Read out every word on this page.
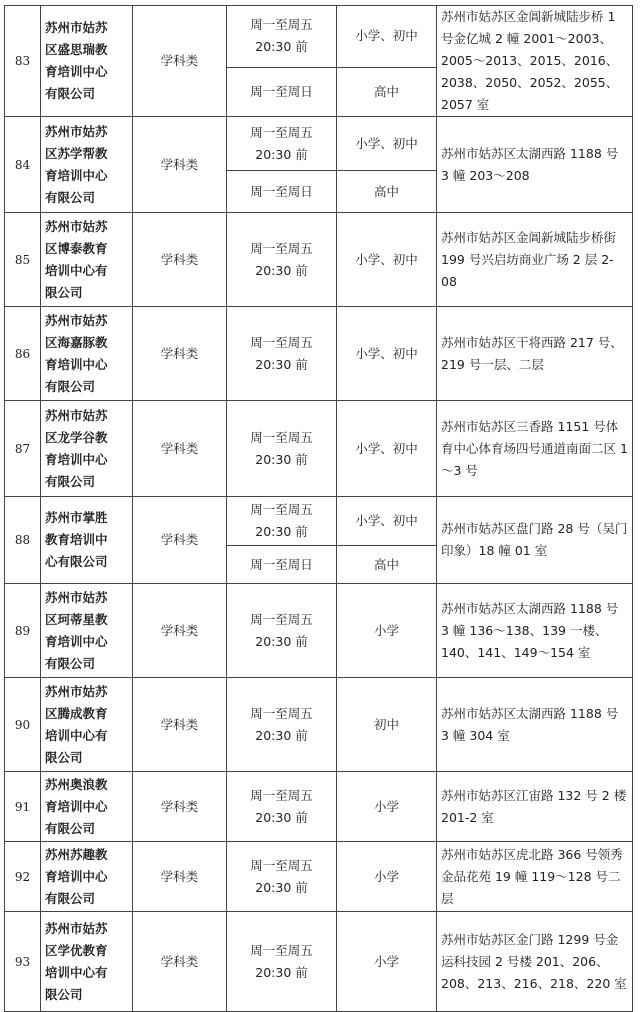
83	苏州市姑苏
区盛思瑞教
育培训中心
有限公司	学科类	周一至周五
20:30 前	小学、初中	苏州市姑苏区金阊新城陆步桥 1 号金亿城 2 幢 2001～2003、2005～2013、2015、2016、2038、2050、2052、2055、2057 室
			周一至周日	高中	
84	苏州市姑苏
区苏学帮教
育培训中心
有限公司	学科类	周一至周五
20:30 前	小学、初中	苏州市姑苏区太湖西路 1188 号 3 幢 203～208
			周一至周日	高中	
85	苏州市姑苏
区博泰教育
培训中心有
限公司	学科类	周一至周五
20:30 前	小学、初中	苏州市姑苏区金阊新城陆步桥街 199 号兴启坊商业广场 2 层 2-08
86	苏州市姑苏
区海嘉豚教
育培训中心
有限公司	学科类	周一至周五
20:30 前	小学、初中	苏州市姑苏区干将西路 217 号、219 号一层、二层
87	苏州市姑苏
区龙学谷教
育培训中心
有限公司	学科类	周一至周五
20:30 前	小学、初中	苏州市姑苏区三香路 1151 号体育中心体育场四号通道南面二区 1～3 号
88	苏州市掌胜
教育培训中
心有限公司	学科类	周一至周五
20:30 前	小学、初中	苏州市姑苏区盘门路 28 号（吴门印象）18 幢 01 室
			周一至周日	高中	
89	苏州市姑苏
区珂蒂星教
育培训中心
有限公司	学科类	周一至周五
20:30 前	小学	苏州市姑苏区太湖西路 1188 号 3 幢 136～138、139 一楼、140、141、149～154 室
90	苏州市姑苏
区腾成教育
培训中心有
限公司	学科类	周一至周五
20:30 前	初中	苏州市姑苏区太湖西路 1188 号 3 幢 304 室
91	苏州奥浪教
育培训中心
有限公司	学科类	周一至周五
20:30 前	小学	苏州市姑苏区江宙路 132 号 2 楼 201-2 室
92	苏州苏趣教
育培训中心
有限公司	学科类	周一至周五
20:30 前	小学	苏州市姑苏区虎北路 366 号领秀金品花苑 19 幢 119～128 号二层
93	苏州市姑苏
区学优教育
培训中心有
限公司	学科类	周一至周五
20:30 前	小学	苏州市姑苏区金门路 1299 号金运科技园 2 号楼 201、206、208、213、216、218、220 室
